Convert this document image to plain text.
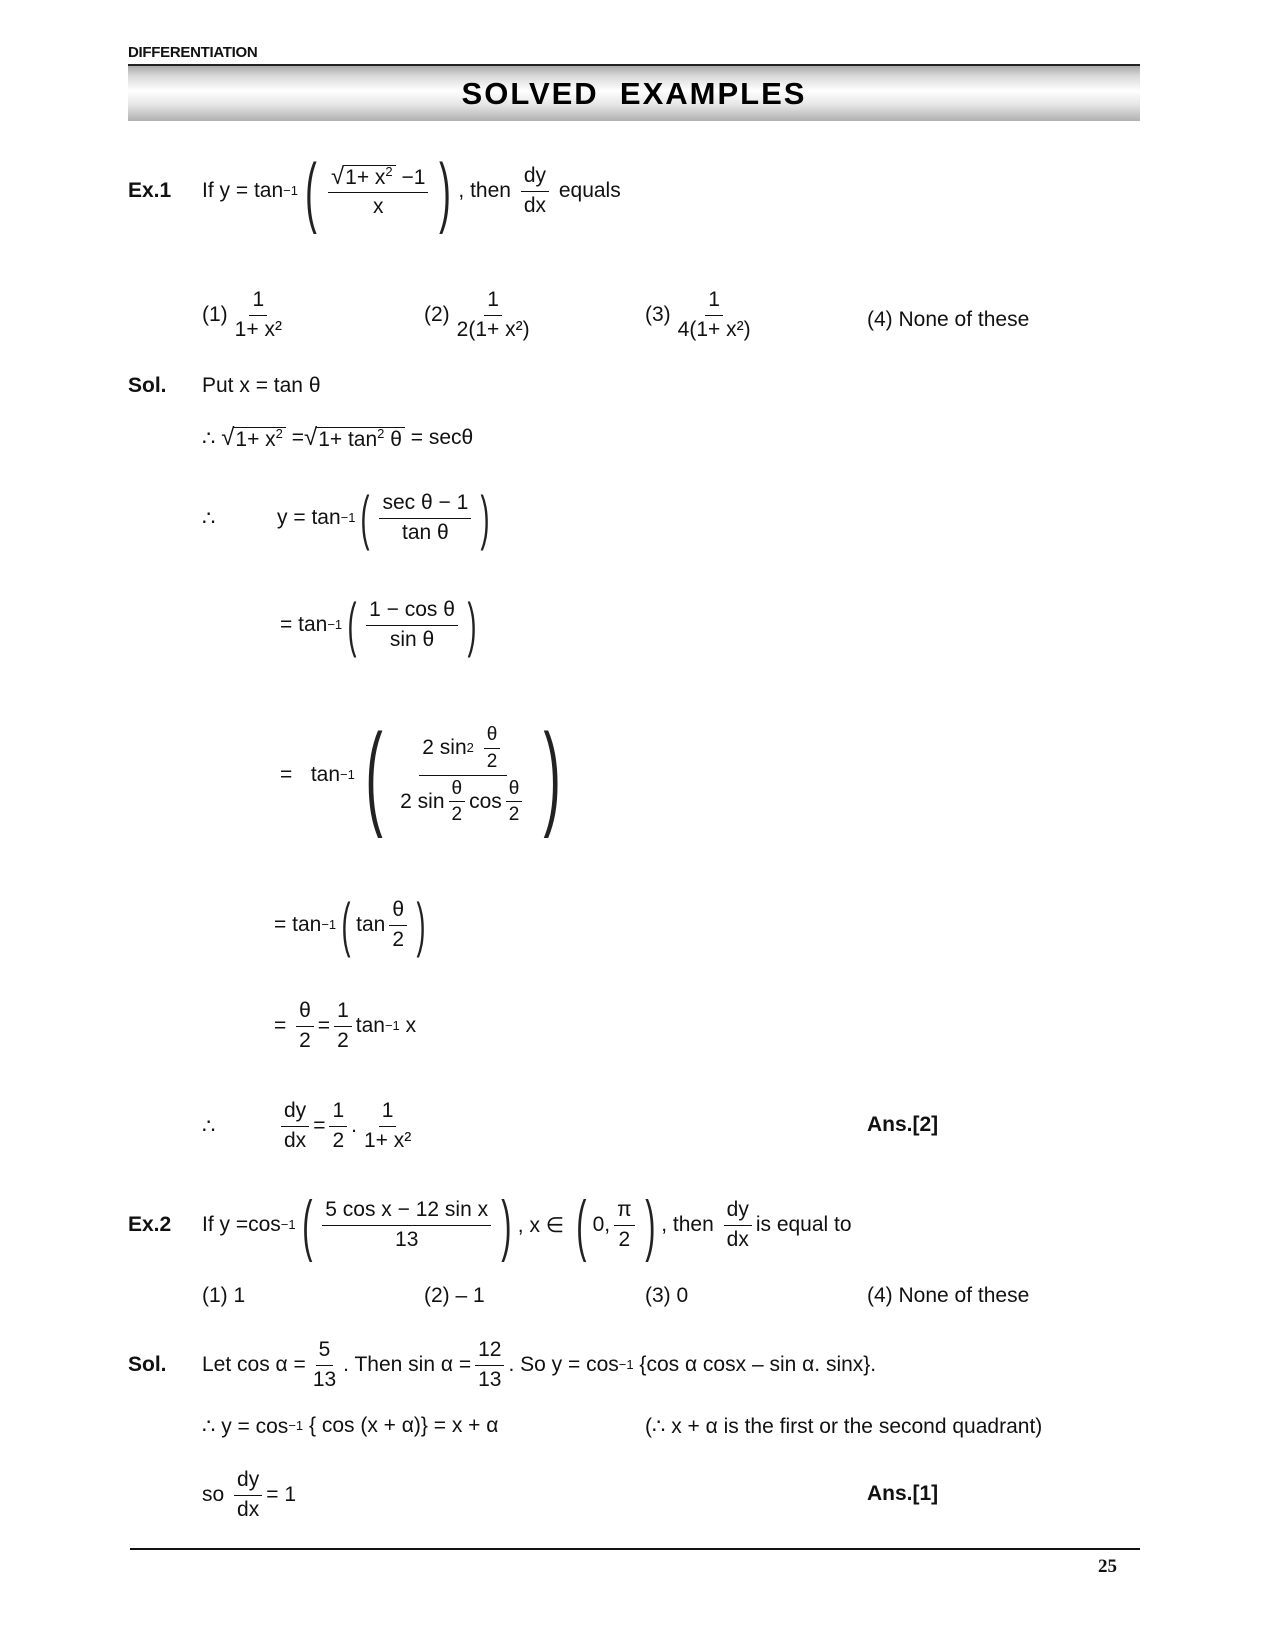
DIFFERENTIATION
SOLVED  EXAMPLES
Ex.1	If y =
tan −1 ( $\frac{√ 1+ x^2 -1}{x}$ ) , then
$\frac{dy}{dx}$
equals
$(1) \frac{1}{\text{1+ x²}}$	$(2) \frac{1}{\text{2(1+ x²)}}$	$(3) \frac{1}{\text{4(1+ x²)}}$	(4)
None of these
Sol.	Put x = tan θ
∴
√ $1+ x^2$
= √ $1+ \tan^2 \theta$
= secθ
∴	y =
tan −1 ( $\frac{\text{sec θ − 1}}{\text{tan θ}}$ )
=
tan −1 ( $\frac{\text{1 − cos θ}}{\text{sin θ}}$ )
=
tan −1 ( 2 sin 2
$\frac{\theta}{2}$
2 $\sin \frac{\theta}{2}$ $\cos \frac{\theta}{2}$ )
=
tan −1 ( $\tan \frac{\theta}{2}$ )
=
$\frac{\theta}{2} = \frac{1}{2}$ tan −1 x
∴	$\frac{dy}{dx} = \frac{1}{2}$ . $\frac{1}{\text{1+ x²}}$	Ans.[2]
Ex.2	If y = cos −1 ( $\frac{\text{5 cos x − 12 sin x}}{13}$ ) , x ∈
( 0, $\frac{\pi}{2}$ ) , then
$\frac{dy}{dx}$ is equal to
(1) 1	(2) – 1	(3) 0	(4) None of these
Sol.	Let
$\cos \alpha = \frac{5}{13}$ . Then
$\sin \alpha = \frac{12}{13}$ . So y = cos −1 {cos α cosx – sin α. sinx}.
∴ y = cos −1 { cos (x + α)} = x + α	(∴ x + α is the first or the second quadrant)
so
$\frac{dy}{dx} = 1$	Ans.[1]
25
